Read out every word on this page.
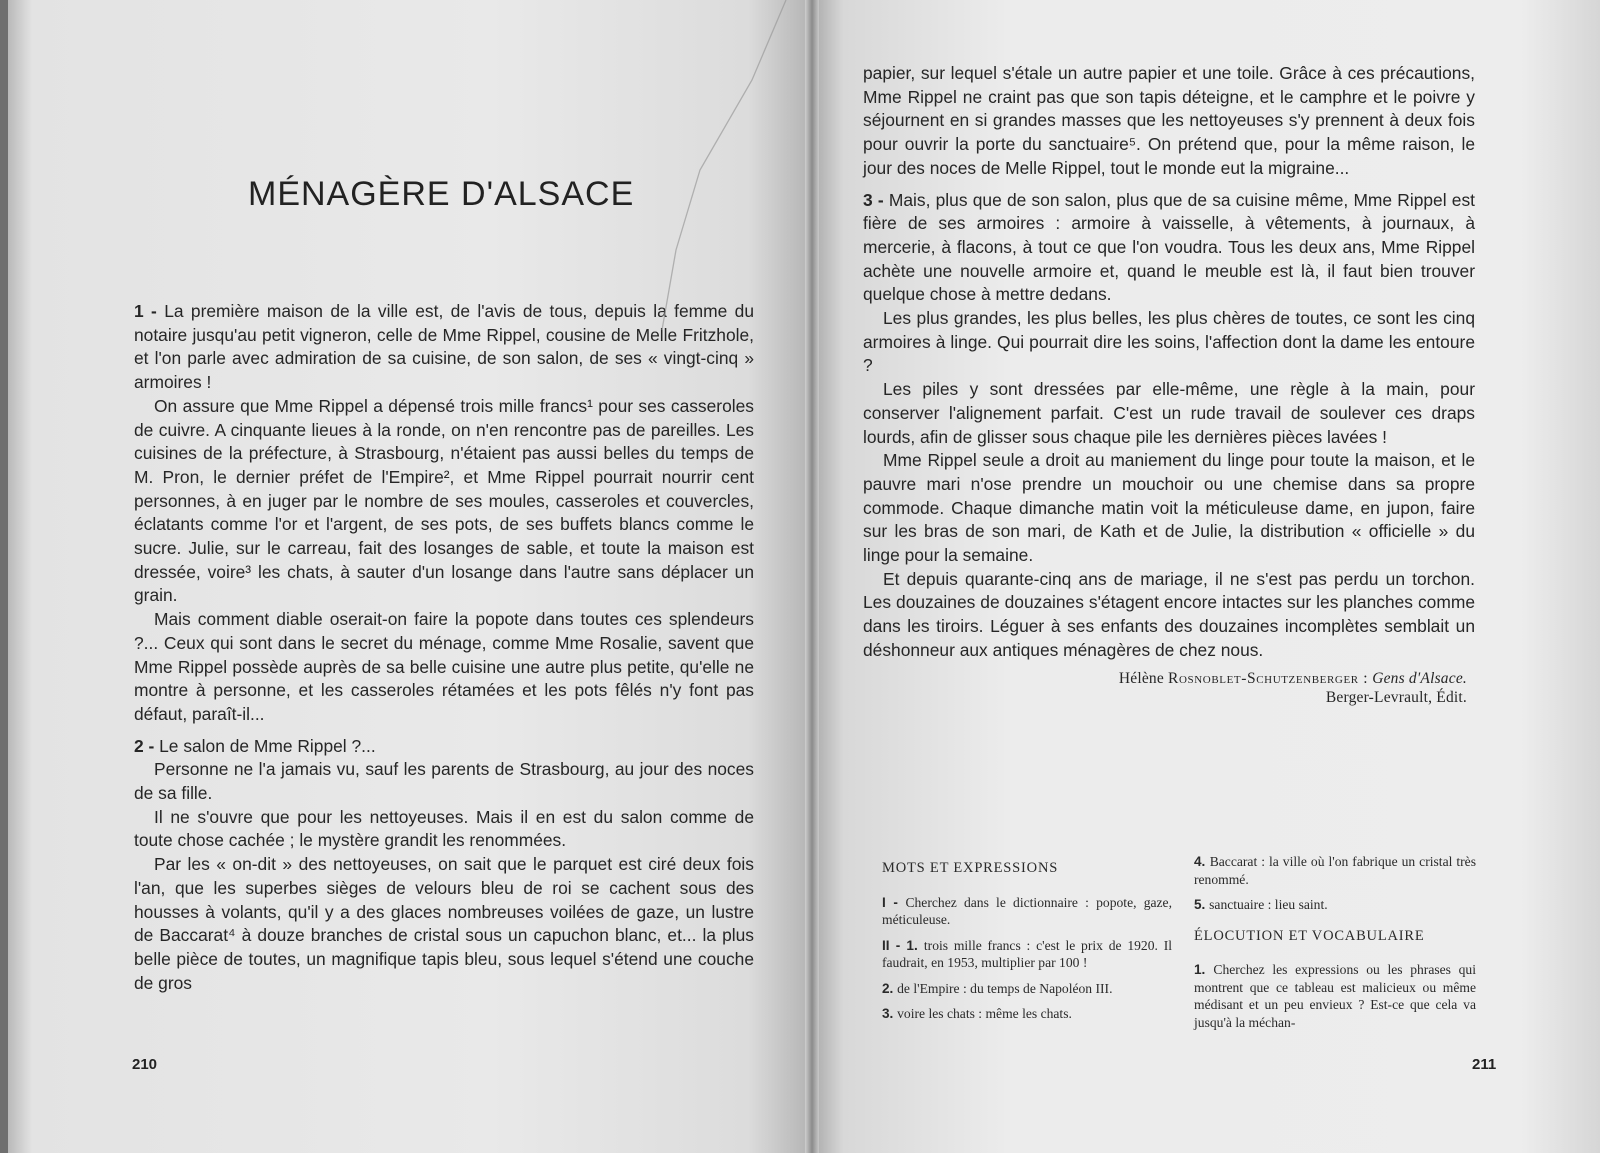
MÉNAGÈRE D'ALSACE

1 - La première maison de la ville est, de l'avis de tous, depuis la femme du notaire jusqu'au petit vigneron, celle de Mme Rippel, cousine de Melle Fritzhole, et l'on parle avec admiration de sa cuisine, de son salon, de ses « vingt-cinq » armoires !

On assure que Mme Rippel a dépensé trois mille francs¹ pour ses casseroles de cuivre. A cinquante lieues à la ronde, on n'en rencontre pas de pareilles. Les cuisines de la préfecture, à Strasbourg, n'étaient pas aussi belles du temps de M. Pron, le dernier préfet de l'Empire², et Mme Rippel pourrait nourrir cent personnes, à en juger par le nombre de ses moules, casseroles et couvercles, éclatants comme l'or et l'argent, de ses pots, de ses buffets blancs comme le sucre. Julie, sur le carreau, fait des losanges de sable, et toute la maison est dressée, voire³ les chats, à sauter d'un losange dans l'autre sans déplacer un grain.

Mais comment diable oserait-on faire la popote dans toutes ces splendeurs ?... Ceux qui sont dans le secret du ménage, comme Mme Rosalie, savent que Mme Rippel possède auprès de sa belle cuisine une autre plus petite, qu'elle ne montre à personne, et les casseroles rétamées et les pots fêlés n'y font pas défaut, paraît-il...

2 - Le salon de Mme Rippel ?...

Personne ne l'a jamais vu, sauf les parents de Strasbourg, au jour des noces de sa fille.

Il ne s'ouvre que pour les nettoyeuses. Mais il en est du salon comme de toute chose cachée ; le mystère grandit les renommées.

Par les « on-dit » des nettoyeuses, on sait que le parquet est ciré deux fois l'an, que les superbes sièges de velours bleu de roi se cachent sous des housses à volants, qu'il y a des glaces nombreuses voilées de gaze, un lustre de Baccarat⁴ à douze branches de cristal sous un capuchon blanc, et... la plus belle pièce de toutes, un magnifique tapis bleu, sous lequel s'étend une couche de gros

210

papier, sur lequel s'étale un autre papier et une toile. Grâce à ces précautions, Mme Rippel ne craint pas que son tapis déteigne, et le camphre et le poivre y séjournent en si grandes masses que les nettoyeuses s'y prennent à deux fois pour ouvrir la porte du sanctuaire⁵. On prétend que, pour la même raison, le jour des noces de Melle Rippel, tout le monde eut la migraine...

3 - Mais, plus que de son salon, plus que de sa cuisine même, Mme Rippel est fière de ses armoires : armoire à vaisselle, à vêtements, à journaux, à mercerie, à flacons, à tout ce que l'on voudra. Tous les deux ans, Mme Rippel achète une nouvelle armoire et, quand le meuble est là, il faut bien trouver quelque chose à mettre dedans.

Les plus grandes, les plus belles, les plus chères de toutes, ce sont les cinq armoires à linge. Qui pourrait dire les soins, l'affection dont la dame les entoure ?

Les piles y sont dressées par elle-même, une règle à la main, pour conserver l'alignement parfait. C'est un rude travail de soulever ces draps lourds, afin de glisser sous chaque pile les dernières pièces lavées !

Mme Rippel seule a droit au maniement du linge pour toute la maison, et le pauvre mari n'ose prendre un mouchoir ou une chemise dans sa propre commode. Chaque dimanche matin voit la méticuleuse dame, en jupon, faire sur les bras de son mari, de Kath et de Julie, la distribution « officielle » du linge pour la semaine.

Et depuis quarante-cinq ans de mariage, il ne s'est pas perdu un torchon. Les douzaines de douzaines s'étagent encore intactes sur les planches comme dans les tiroirs. Léguer à ses enfants des douzaines incomplètes semblait un déshonneur aux antiques ménagères de chez nous.

Hélène Rosnoblet-Schutzenberger : Gens d'Alsace.
Berger-Levrault, Édit.
MOTS ET EXPRESSIONS

I - Cherchez dans le dictionnaire : popote, gaze, méticuleuse.

II - 1. trois mille francs : c'est le prix de 1920. Il faudrait, en 1953, multiplier par 100 !

2. de l'Empire : du temps de Napoléon III.

3. voire les chats : même les chats.

4. Baccarat : la ville où l'on fabrique un cristal très renommé.

5. sanctuaire : lieu saint.

ÉLOCUTION ET VOCABULAIRE

1. Cherchez les expressions ou les phrases qui montrent que ce tableau est malicieux ou même médisant et un peu envieux ? Est-ce que cela va jusqu'à la méchan-

211
